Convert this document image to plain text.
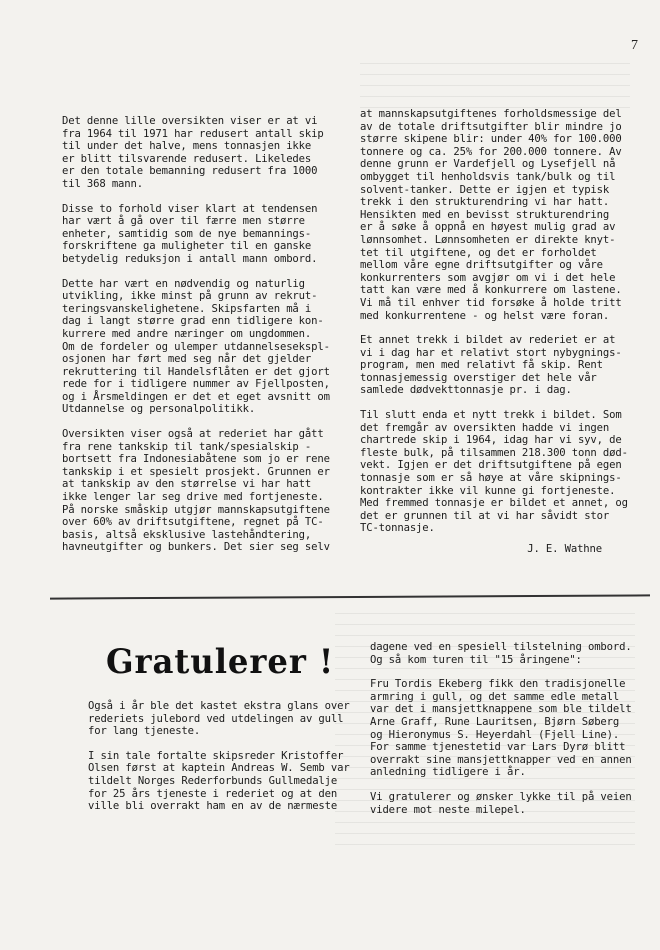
7

Det denne lille oversikten viser er at vi
fra 1964 til 1971 har redusert antall skip
til under det halve, mens tonnasjen ikke
er blitt tilsvarende redusert. Likeledes
er den totale bemanning redusert fra 1000
til 368 mann.

Disse to forhold viser klart at tendensen
har vært å gå over til færre men større
enheter, samtidig som de nye bemannings-
forskriftene ga muligheter til en ganske
betydelig reduksjon i antall mann ombord.

Dette har vært en nødvendig og naturlig
utvikling, ikke minst på grunn av rekrut-
teringsvanskelighetene. Skipsfarten må i
dag i langt større grad enn tidligere kon-
kurrere med andre næringer om ungdommen.
Om de fordeler og ulemper utdannelsesekspl-
osjonen har ført med seg når det gjelder
rekruttering til Handelsflåten er det gjort
rede for i tidligere nummer av Fjellposten,
og i Årsmeldingen er det et eget avsnitt om
Utdannelse og personalpolitikk.

Oversikten viser også at rederiet har gått
fra rene tankskip til tank/spesialskip -
bortsett fra Indonesiabåtene som jo er rene
tankskip i et spesielt prosjekt. Grunnen er
at tankskip av den størrelse vi har hatt
ikke lenger lar seg drive med fortjeneste.
På norske småskip utgjør mannskapsutgiftene
over 60% av driftsutgiftene, regnet på TC-
basis, altså eksklusive lastehåndtering,
havneutgifter og bunkers. Det sier seg selv

at mannskapsutgiftenes forholdsmessige del
av de totale driftsutgifter blir mindre jo
større skipene blir: under 40% for 100.000
tonnere og ca. 25% for 200.000 tonnere. Av
denne grunn er Vardefjell og Lysefjell nå
ombygget til henholdsvis tank/bulk og til
solvent-tanker. Dette er igjen et typisk
trekk i den strukturendring vi har hatt.
Hensikten med en bevisst strukturendring
er å søke å oppnå en høyest mulig grad av
lønnsomhet. Lønnsomheten er direkte knyt-
tet til utgiftene, og det er forholdet
mellom våre egne driftsutgifter og våre
konkurrenters som avgjør om vi i det hele
tatt kan være med å konkurrere om lastene.
Vi må til enhver tid forsøke å holde tritt
med konkurrentene - og helst være foran.

Et annet trekk i bildet av rederiet er at
vi i dag har et relativt stort nybygnings-
program, men med relativt få skip. Rent
tonnasjemessig overstiger det hele vår
samlede dødvekttonnasje pr. i dag.

Til slutt enda et nytt trekk i bildet. Som
det fremgår av oversikten hadde vi ingen
chartrede skip i 1964, idag har vi syv, de
fleste bulk, på tilsammen 218.300 tonn død-
vekt. Igjen er det driftsutgiftene på egen
tonnasje som er så høye at våre skipnings-
kontrakter ikke vil kunne gi fortjeneste.
Med fremmed tonnasje er bildet et annet, og
det er grunnen til at vi har såvidt stor
TC-tonnasje.

J. E. Wathne

Gratulerer !

Også i år ble det kastet ekstra glans over
rederiets julebord ved utdelingen av gull
for lang tjeneste.

I sin tale fortalte skipsreder Kristoffer
Olsen først at kaptein Andreas W. Semb var
tildelt Norges Rederforbunds Gullmedalje
for 25 års tjeneste i rederiet og at den
ville bli overrakt ham en av de nærmeste

dagene ved en spesiell tilstelning ombord.
Og så kom turen til "15 åringene":

Fru Tordis Ekeberg fikk den tradisjonelle
armring i gull, og det samme edle metall
var det i mansjettknappene som ble tildelt
Arne Graff, Rune Lauritsen, Bjørn Søberg
og Hieronymus S. Heyerdahl (Fjell Line).
For samme tjenestetid var Lars Dyrø blitt
overrakt sine mansjettknapper ved en annen
anledning tidligere i år.

Vi gratulerer og ønsker lykke til på veien
videre mot neste milepel.
